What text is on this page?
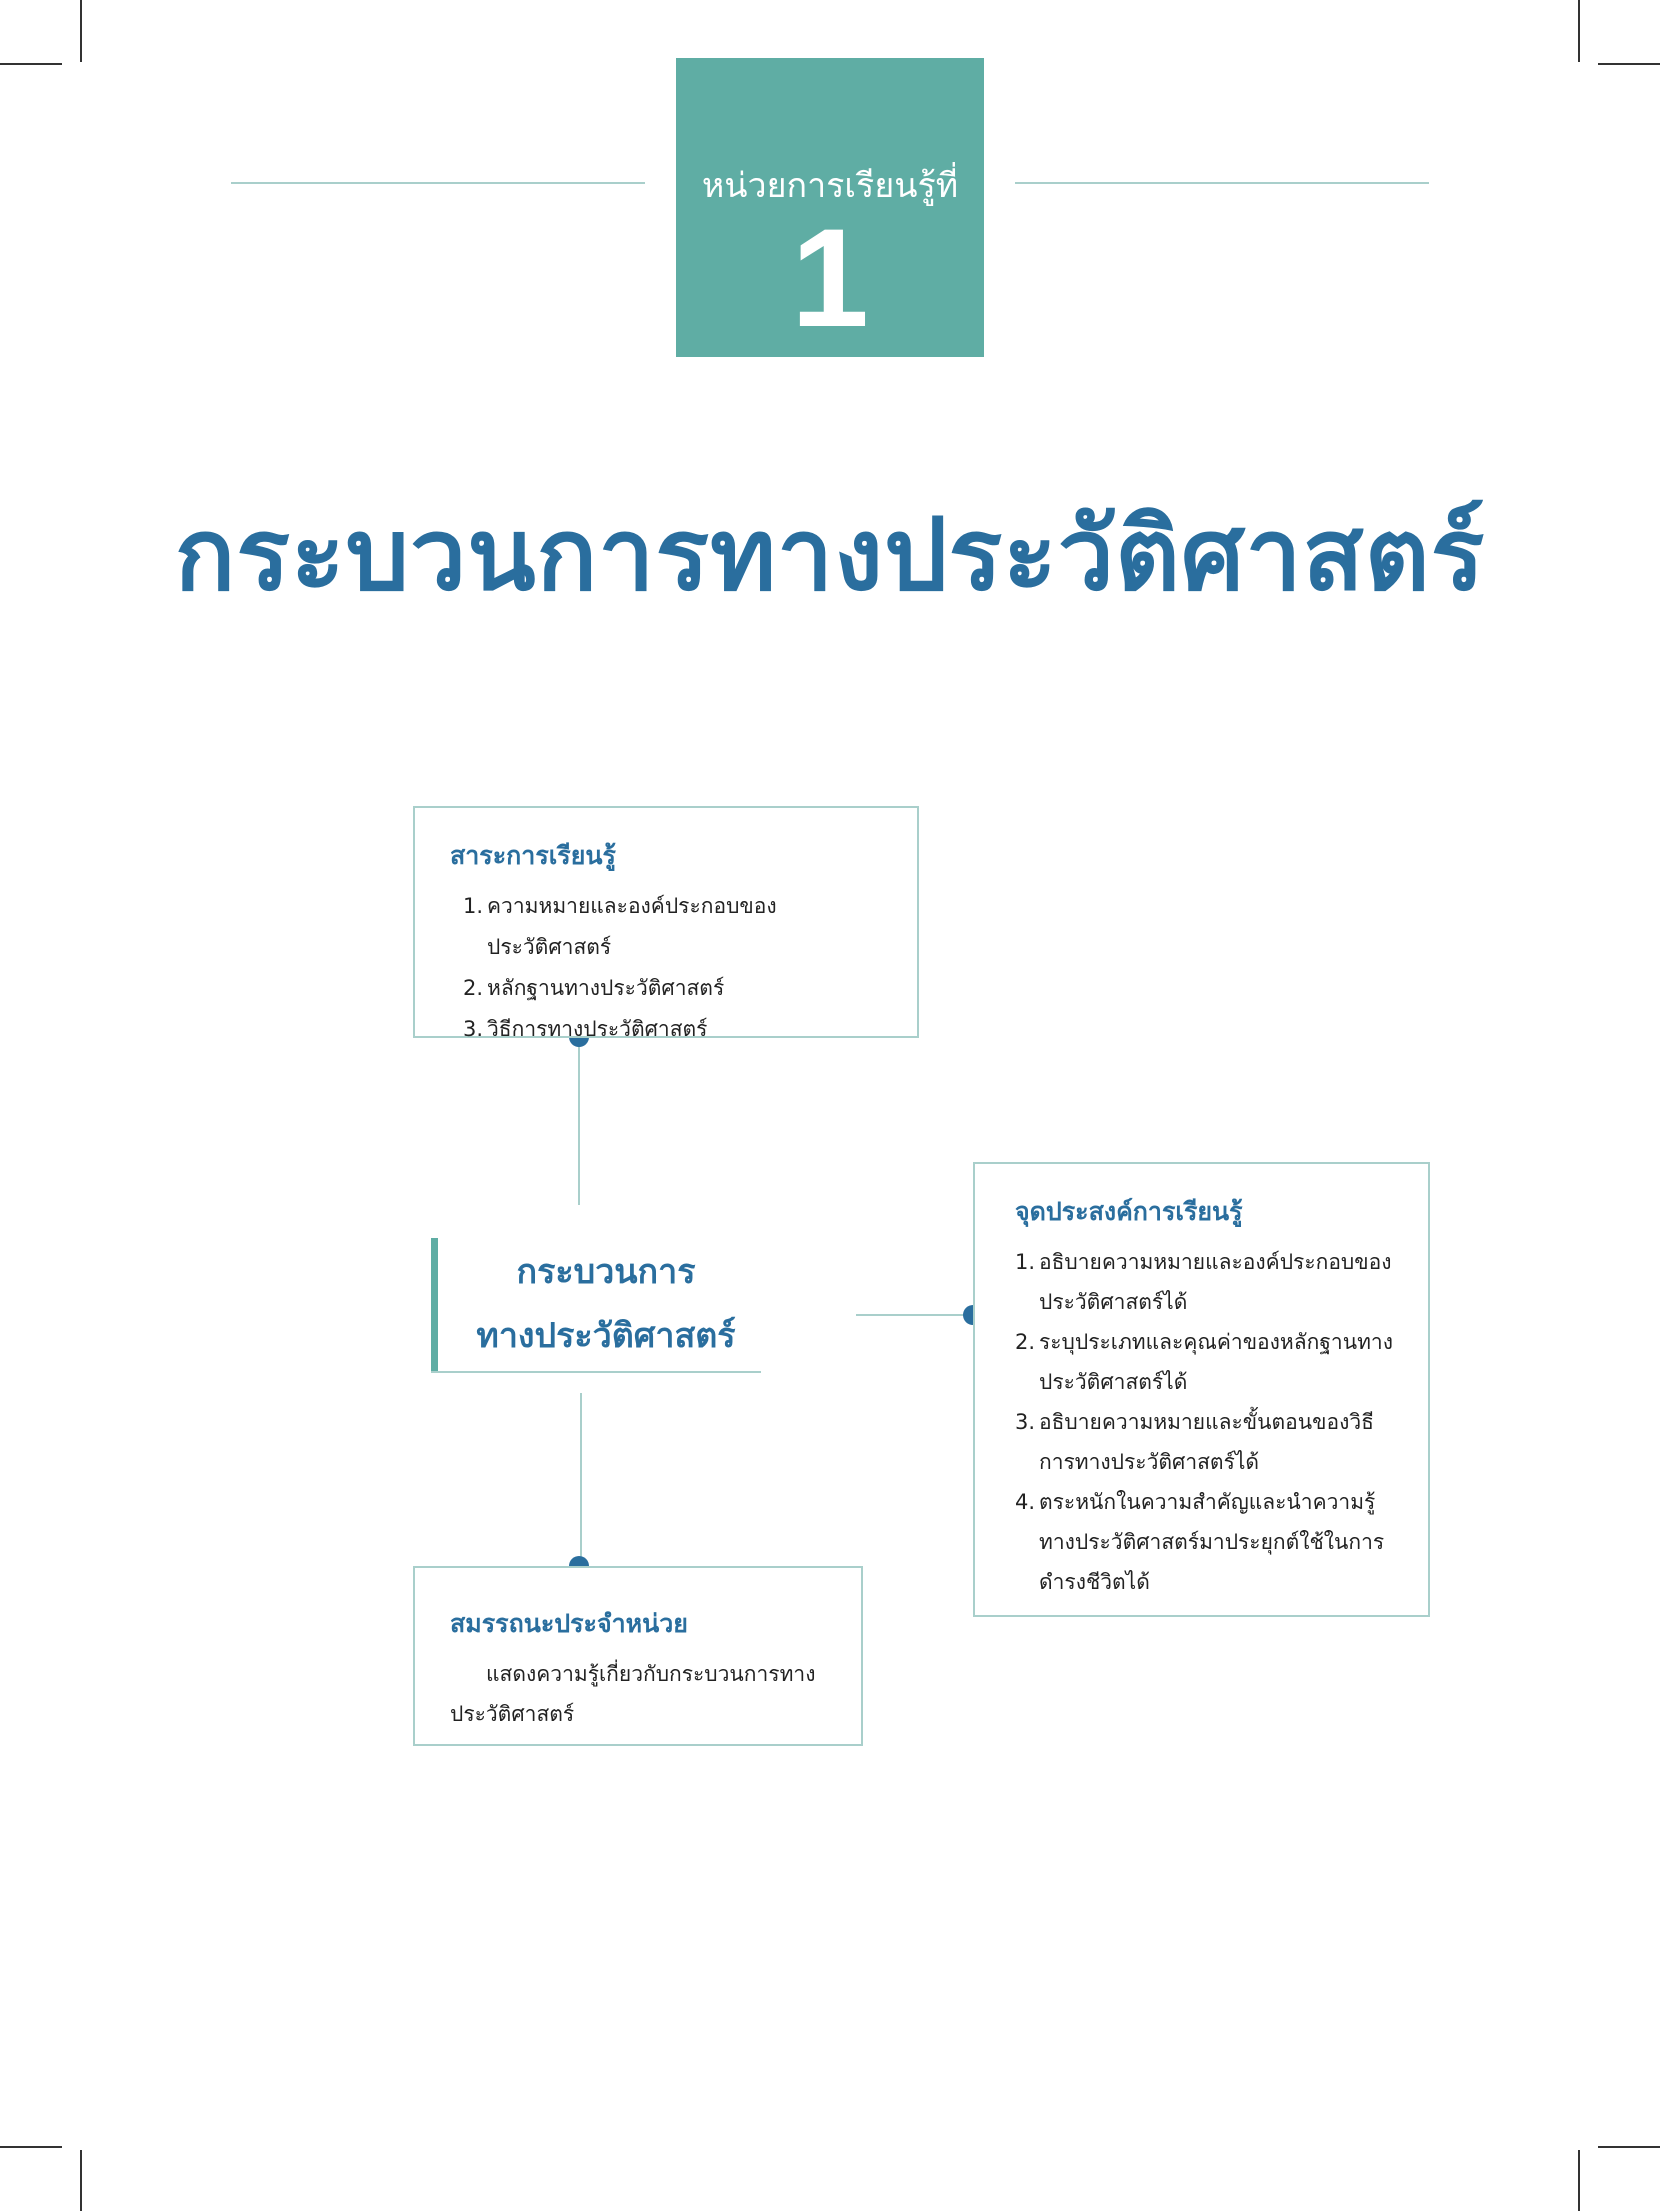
หน่วยการเรียนรู้ที่
1
กระบวนการทางประวัติศาสตร์
สาระการเรียนรู้
1. ความหมายและองค์ประกอบของประวัติศาสตร์
2. หลักฐานทางประวัติศาสตร์
3. วิธีการทางประวัติศาสตร์
กระบวนการ
ทางประวัติศาสตร์
จุดประสงค์การเรียนรู้
1. อธิบายความหมายและองค์ประกอบของประวัติศาสตร์ได้
2. ระบุประเภทและคุณค่าของหลักฐานทางประวัติศาสตร์ได้
3. อธิบายความหมายและขั้นตอนของวิธีการทางประวัติศาสตร์ได้
4. ตระหนักในความสำคัญและนำความรู้ทางประวัติศาสตร์มาประยุกต์ใช้ในการดำรงชีวิตได้
สมรรถนะประจำหน่วย
แสดงความรู้เกี่ยวกับกระบวนการทางประวัติศาสตร์
